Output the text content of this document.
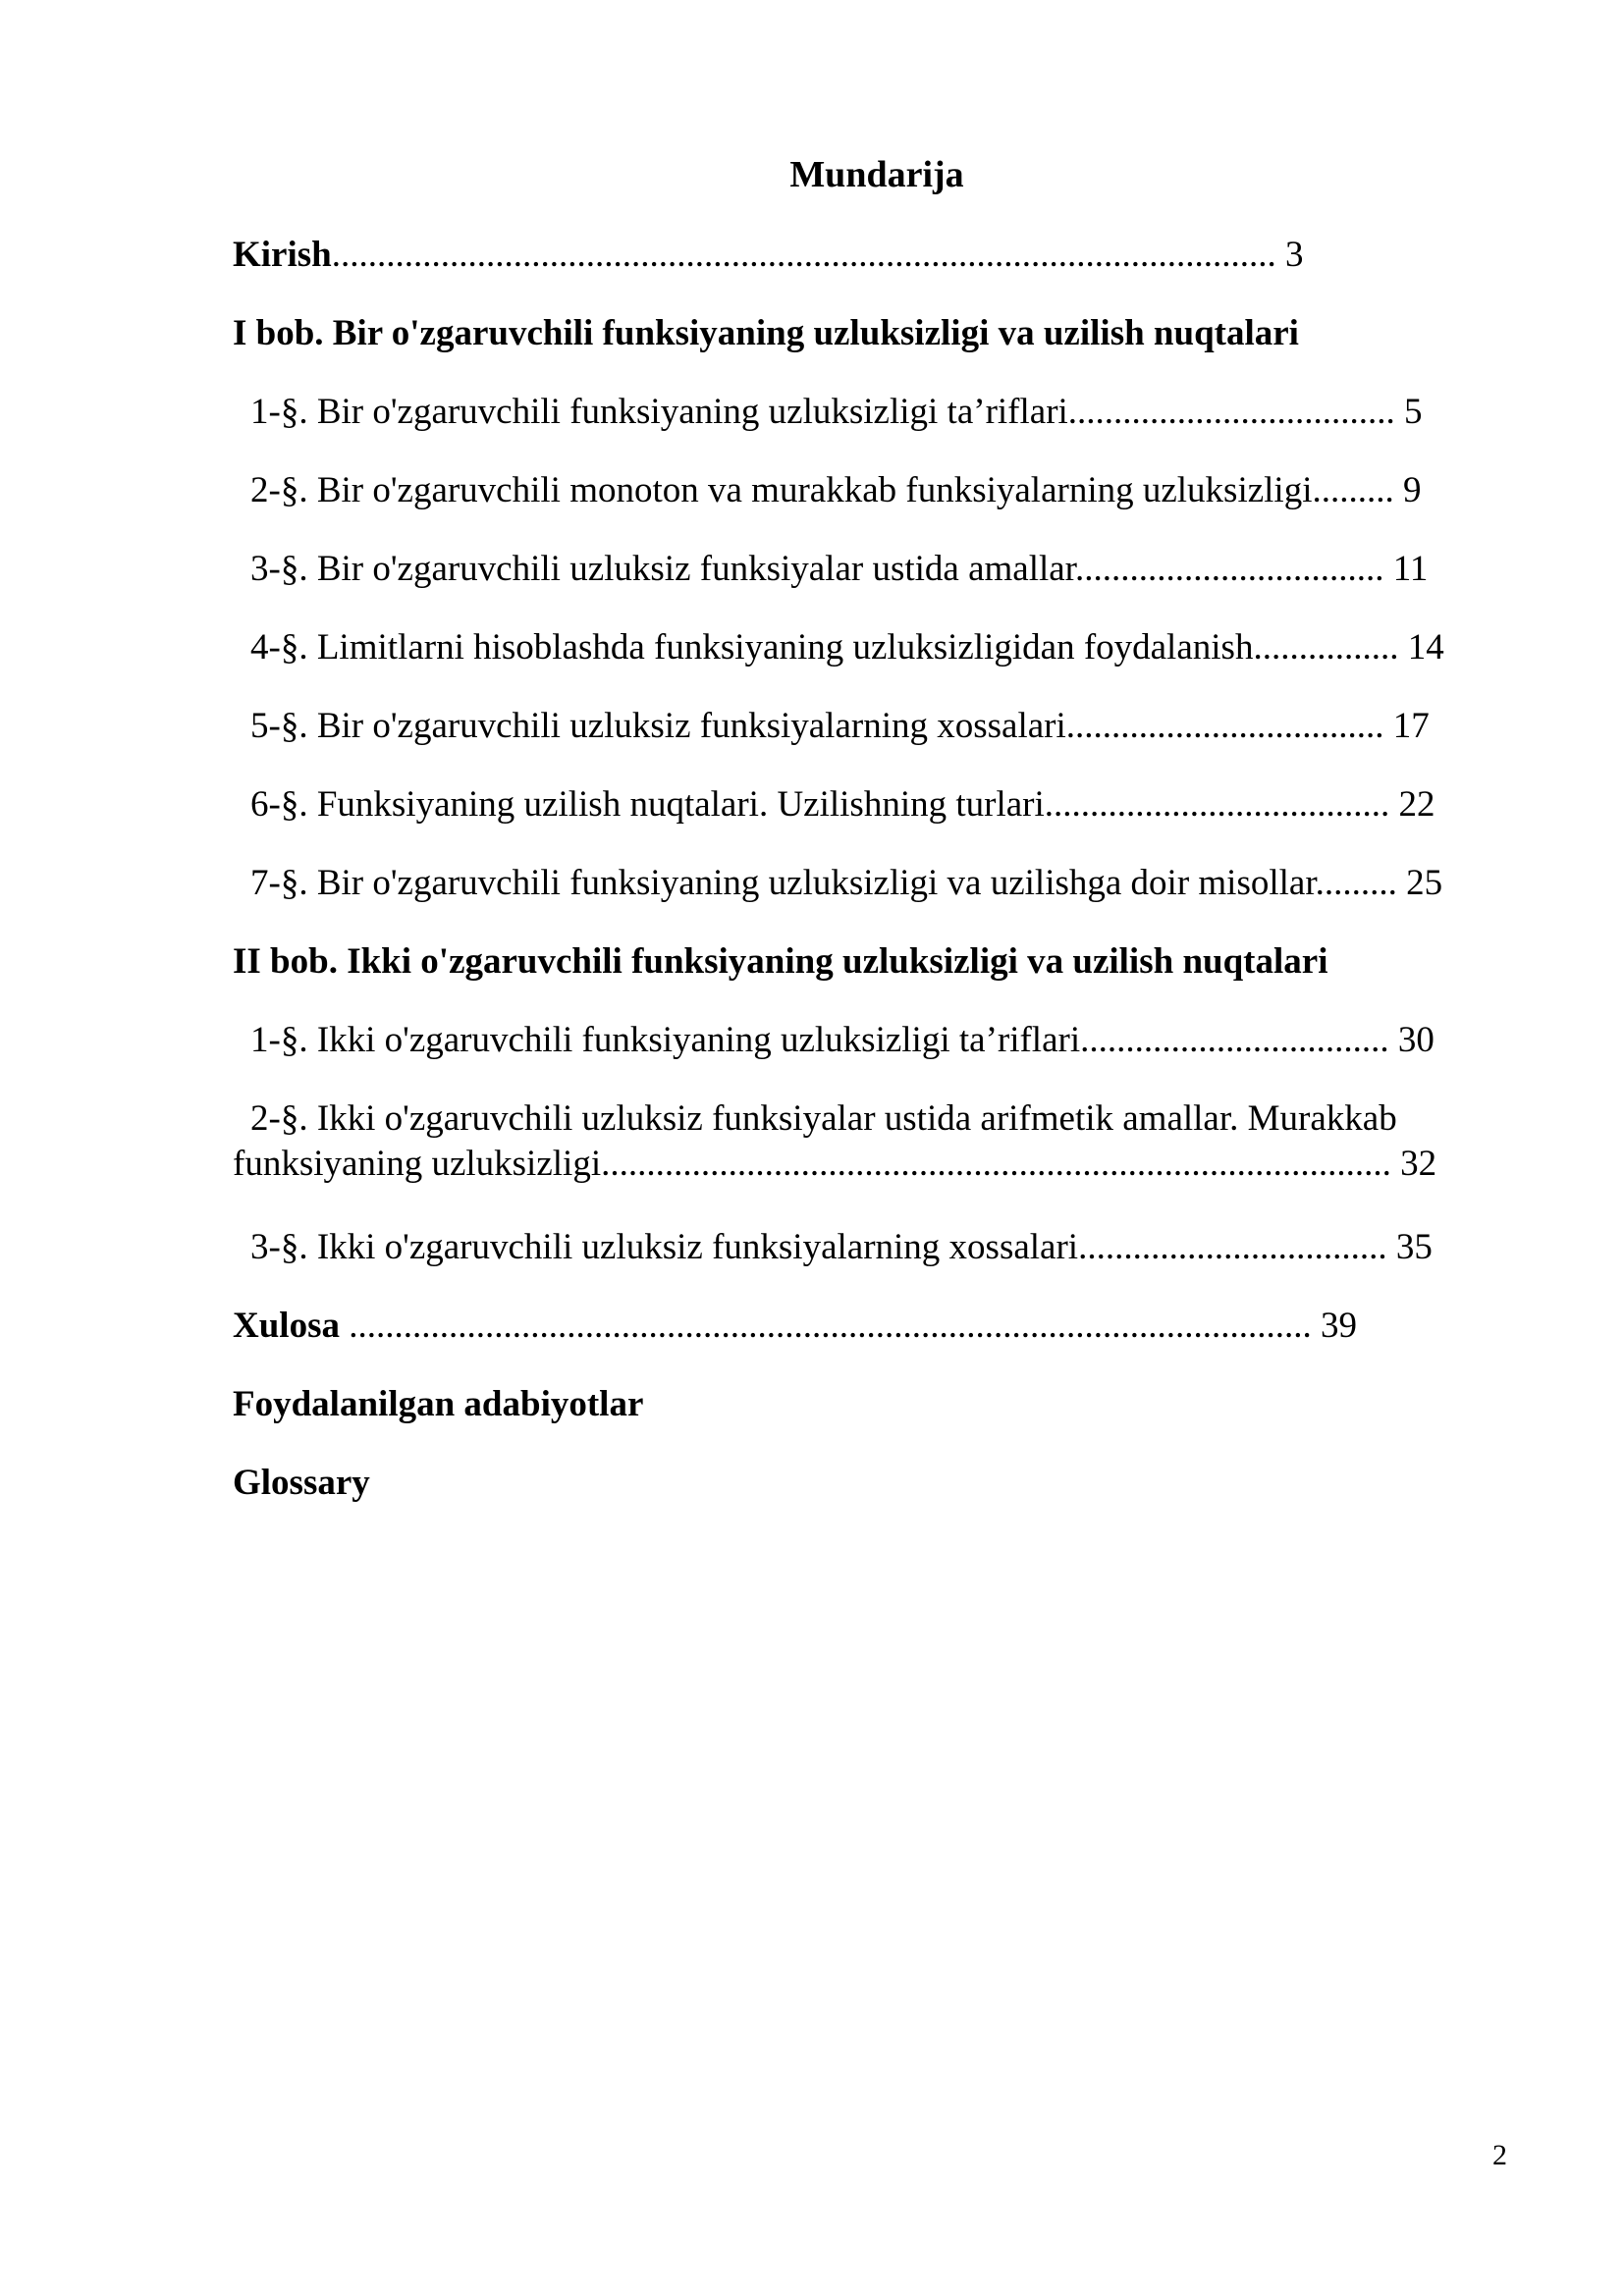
Mundarija
Kirish........................................................................................................ 3
I bob. Bir o'zgaruvchili funksiyaning uzluksizligi va uzilish nuqtalari
1-§. Bir o'zgaruvchili funksiyaning uzluksizligi ta’riflari.................................... 5
2-§. Bir o'zgaruvchili monoton va murakkab funksiyalarning uzluksizligi......... 9
3-§. Bir o'zgaruvchili uzluksiz funksiyalar ustida amallar.................................. 11
4-§. Limitlarni hisoblashda funksiyaning uzluksizligidan foydalanish................ 14
5-§. Bir o'zgaruvchili uzluksiz funksiyalarning xossalari................................... 17
6-§. Funksiyaning uzilish nuqtalari. Uzilishning turlari...................................... 22
7-§. Bir o'zgaruvchili funksiyaning uzluksizligi va uzilishga doir misollar......... 25
II bob. Ikki o'zgaruvchili funksiyaning uzluksizligi va uzilish nuqtalari
1-§. Ikki o'zgaruvchili funksiyaning uzluksizligi ta’riflari.................................. 30
2-§. Ikki o'zgaruvchili uzluksiz funksiyalar ustida arifmetik amallar. Murakkab
funksiyaning uzluksizligi....................................................................................... 32
3-§. Ikki o'zgaruvchili uzluksiz funksiyalarning xossalari.................................. 35
Xulosa .......................................................................................................... 39
Foydalanilgan adabiyotlar
Glossary
2
